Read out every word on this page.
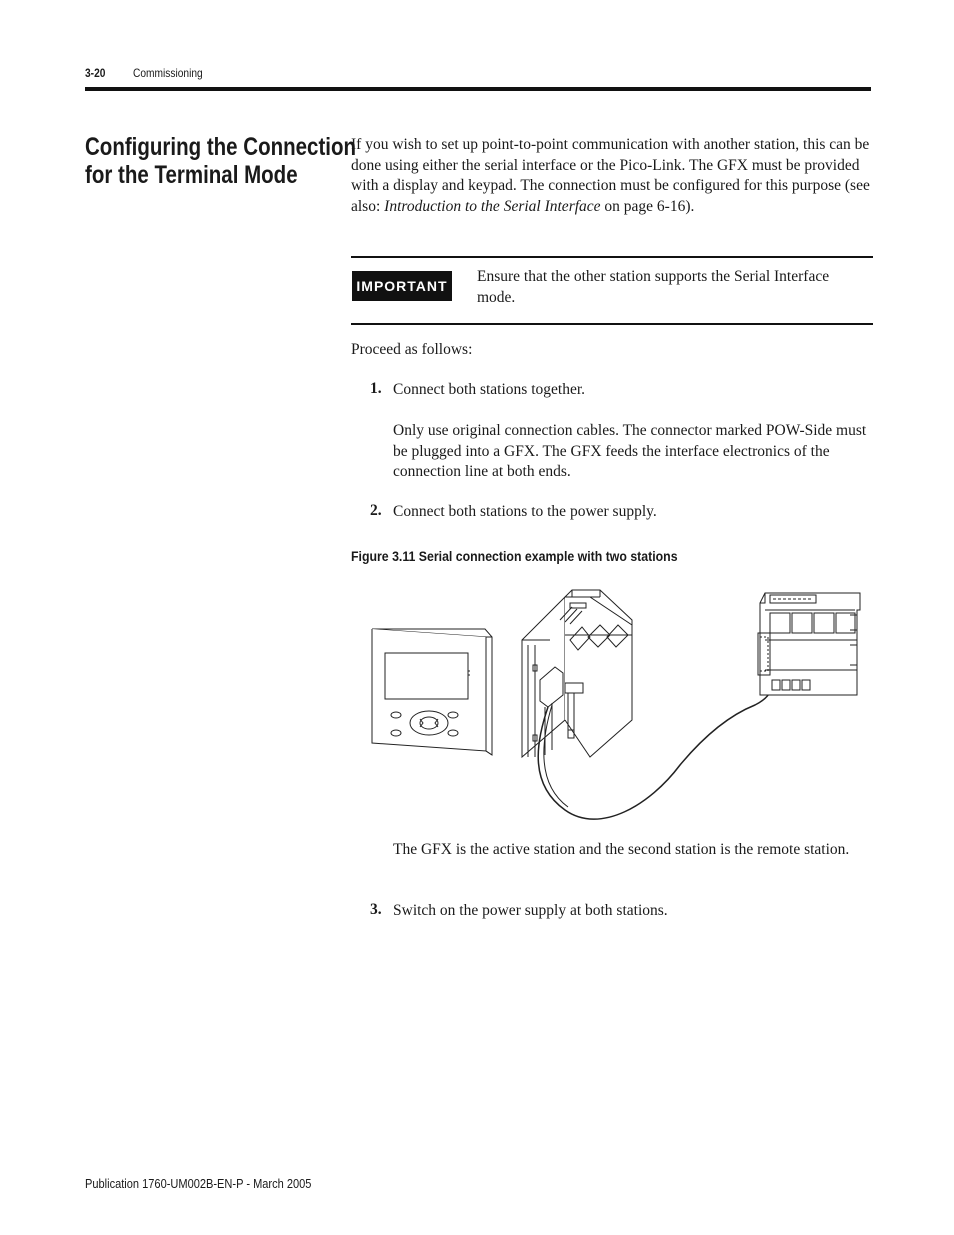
3-20 Commissioning
Configuring the Connection
for the Terminal Mode

If you wish to set up point-to-point communication with another station, this can be done using either the serial interface or the Pico-Link. The GFX must be provided with a display and keypad. The connection must be configured for this purpose (see also: Introduction to the Serial Interface on page 6-16).

IMPORTANT
Ensure that the other station supports the Serial Interface mode.
Proceed as follows:
1. Connect both stations together.
Only use original connection cables. The connector marked POW-Side must be plugged into a GFX. The GFX feeds the interface electronics of the connection line at both ends.
2. Connect both stations to the power supply.
Figure 3.11 Serial connection example with two stations
The GFX is the active station and the second station is the remote station.
3. Switch on the power supply at both stations.
Publication 1760-UM002B-EN-P - March 2005
